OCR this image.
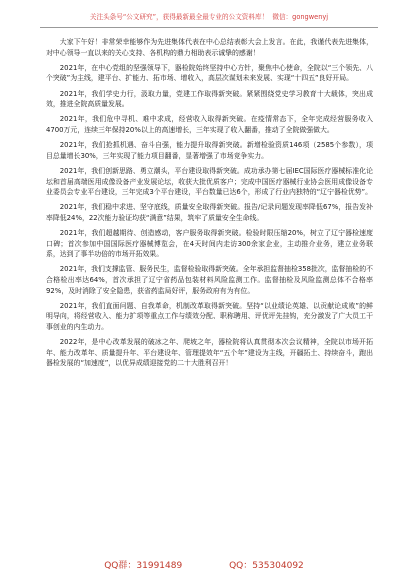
关注头条号“公文研究”，获得最新最全最专业的公文资料库！ 微信：gongwenyj

大家下午好！非常荣幸能够作为先进集体代表在中心总结表彰大会上发言。在此，我谨代表先进集体，对中心领导一直以来的关心支持、各机构的鼎力相助表示诚挚的感谢！

2021年，在中心党组的坚强领导下，器检院始终坚持中心方针，聚焦中心使命，全院以“三个领先、八个突破”为主线，建平台、扩能力、拓市场、增收入，高层次谋划未来发展、实现“十四五”良好开局。

2021年，我们学史力行，汲取力量，党建工作取得新突破。紧紧围绕党史学习教育十大载体，突出成效，推进全院高质量发展。

2021年，我们危中寻机、难中求成，经营收入取得新突破。在疫情常态下，全年完成经营服务收入4700万元，连续三年保持20%以上的高速增长，三年实现了收入翻番，推动了全院做强做大。

2021年，我们抢抓机遇、奋斗自强，能力提升取得新突破。新增检验资质146项（2585个参数），项目总量增长30%，三年实现了能力项目翻番，显著增强了市场竞争实力。

2021年，我们创新思路、勇立潮头，平台建设取得新突破。成功承办第七届IEC国际医疗器械标准化论坛和首届高端医用成像设备产业发展论坛，收获大批优质客户；完成中国医疗器械行业协会医用成像设备专业委员会专业平台建设，三年完成3个平台建设，平台数量已达6个，形成了行业内独特的“辽宁器检优势”。

2021年，我们稳中求进、坚守底线，质量安全取得新突破。报告/记录问题发现率降低67%，报告发补率降低24%，22次能力验证均获“满意”结果，筑牢了质量安全生命线。

2021年，我们超越期待、创造感动，客户服务取得新突破。检验时限压缩20%，树立了辽宁器检速度口碑；首次参加中国国际医疗器械博览会，在4天时间内走访300余家企业，主动推介业务，建立业务联系，达到了事半功倍的市场开拓效果。

2021年，我们支撑监管、服务民生，监督检验取得新突破。全年承担监督抽检358批次，监督抽检的不合格检出率达64%，首次承担了辽宁省药品包装材料风险监测工作。监督抽检及风险监测总体不合格率92%，及时消除了安全隐患，获省药监局好评，服务政府有为有位。

2021年，我们直面问题、自我革命，机制改革取得新突破。坚持“以业绩论英雄、以贡献论成败”的鲜明导向，将经营收入、能力扩项等重点工作与绩效分配、职称聘用、评优评先挂钩，充分激发了广大员工干事创业的内生动力。

2022年，是中心改革发展的破冰之年、爬坡之年，器检院将认真贯彻本次会议精神，全院以市场开拓年、能力改革年、质量提升年、平台建设年、管理提效年“五个年”建设为主线，开疆拓土、持续奋斗，跑出器检发展的“加速度”，以优异成绩迎接党的二十大胜利召开！

QQ群：31991489	QQ：535304092
